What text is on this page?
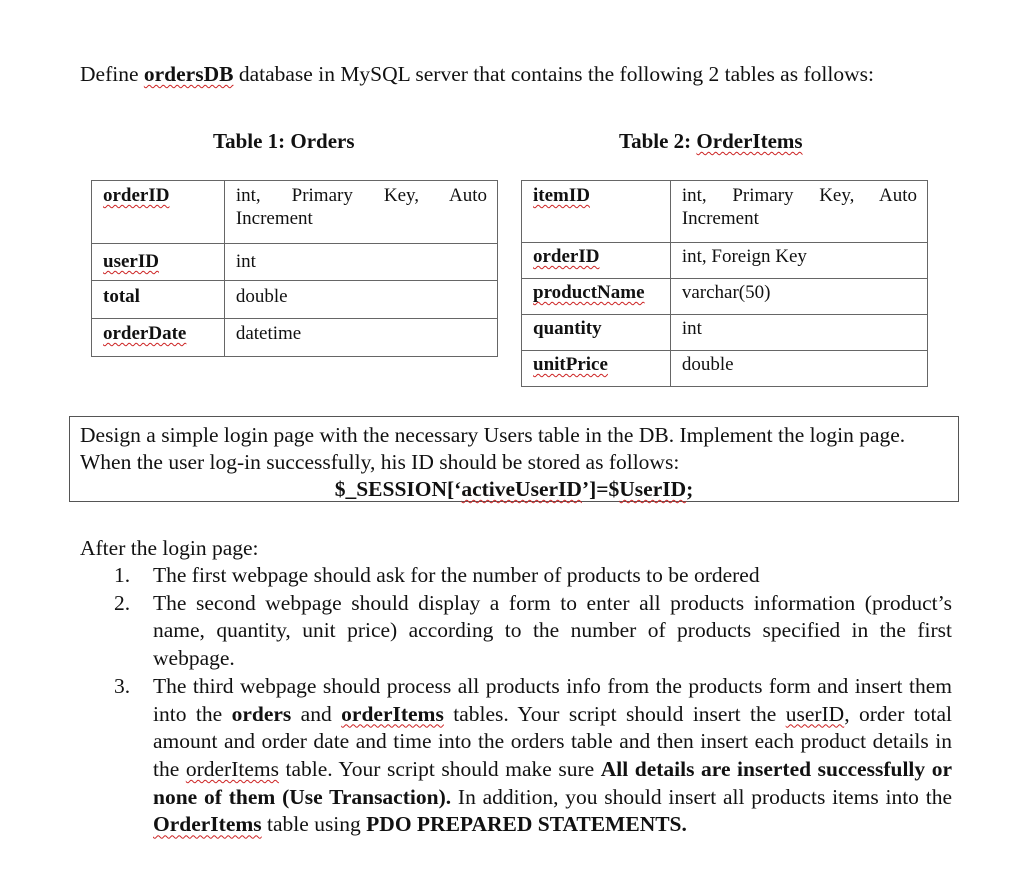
Define ordersDB database in MySQL server that contains the following 2 tables as follows:
Table 1: Orders	Table 2: OrderItems
orderID	int, Primary Key, Auto Increment

userID	int
total	double
orderDate	datetime
itemID	int, Primary Key, Auto Increment

orderID	int, Foreign Key
productName	varchar(50)
quantity	int
unitPrice	double
Design a simple login page with the necessary Users table in the DB. Implement the login page. When the user log-in successfully, his ID should be stored as follows:
$_SESSION[‘activeUserID’]=$UserID;
After the login page:
1. The first webpage should ask for the number of products to be ordered
2. The second webpage should display a form to enter all products information (product’s name, quantity, unit price) according to the number of products specified in the first webpage.
3. The third webpage should process all products info from the products form and insert them into the orders and orderItems tables. Your script should insert the userID, order total amount and order date and time into the orders table and then insert each product details in the orderItems table. Your script should make sure All details are inserted successfully or none of them (Use Transaction). In addition, you should insert all products items into the OrderItems table using PDO PREPARED STATEMENTS.
